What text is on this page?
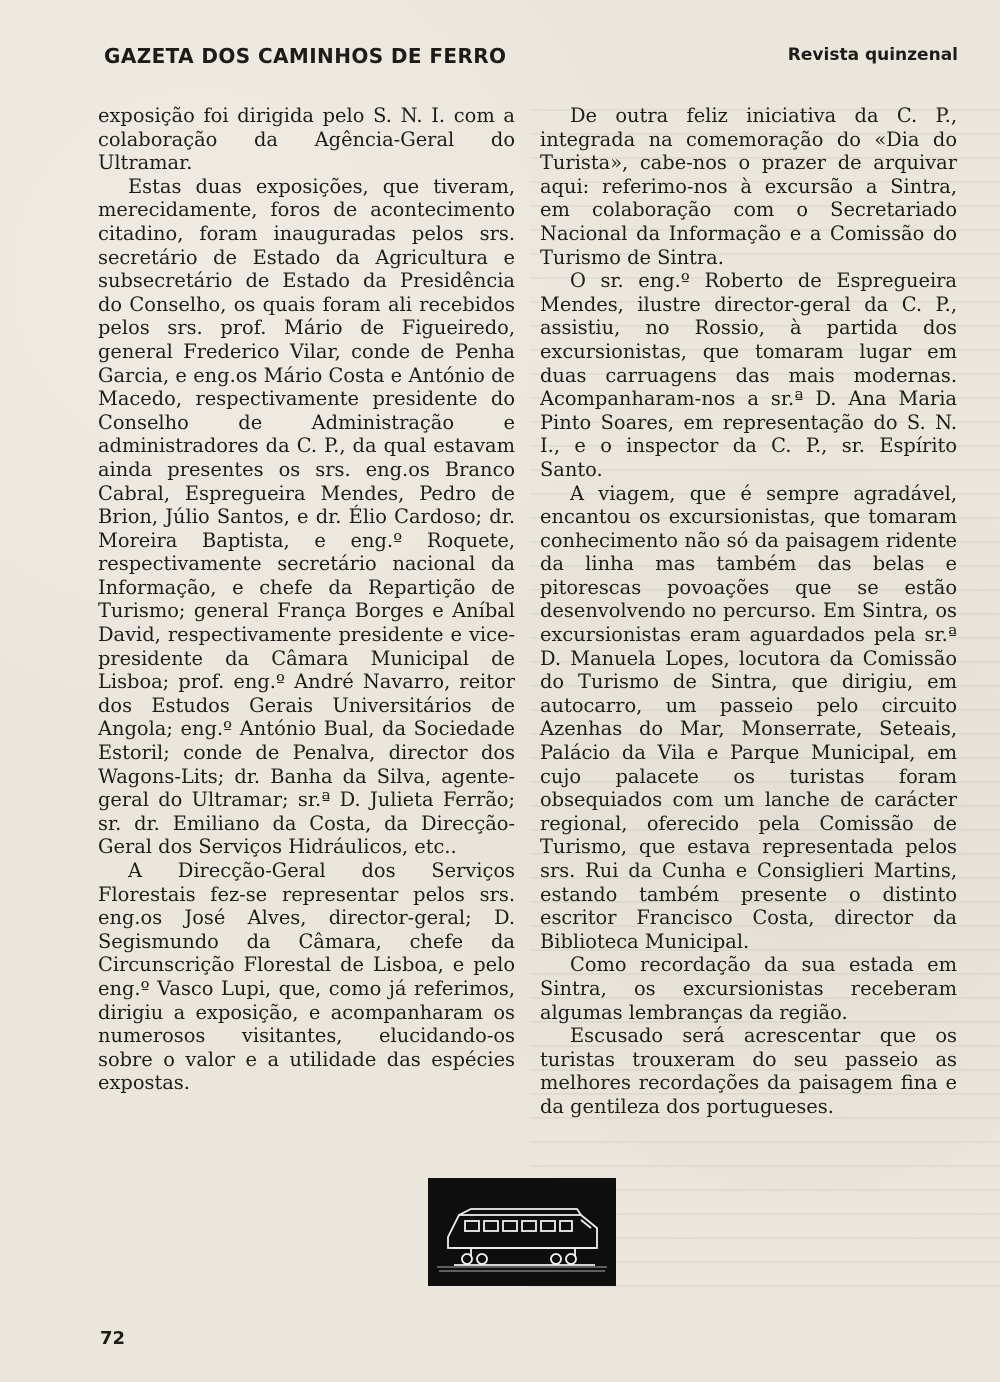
GAZETA DOS CAMINHOS DE FERRO	Revista quinzenal

exposição foi dirigida pelo S. N. I. com a colaboração da Agência-Geral do Ultramar.

Estas duas exposições, que tiveram, merecidamente, foros de acontecimento citadino, foram inauguradas pelos srs. secretário de Estado da Agricultura e subsecretário de Estado da Presidência do Conselho, os quais foram ali recebidos pelos srs. prof. Mário de Figueiredo, general Frederico Vilar, conde de Penha Garcia, e eng.os Mário Costa e António de Macedo, respectivamente presidente do Conselho de Administração e administradores da C. P., da qual estavam ainda presentes os srs. eng.os Branco Cabral, Espregueira Mendes, Pedro de Brion, Júlio Santos, e dr. Élio Cardoso; dr. Moreira Baptista, e eng.º Roquete, respectivamente secretário nacional da Informação, e chefe da Repartição de Turismo; general França Borges e Aníbal David, respectivamente presidente e vice-presidente da Câmara Municipal de Lisboa; prof. eng.º André Navarro, reitor dos Estudos Gerais Universitários de Angola; eng.º António Bual, da Sociedade Estoril; conde de Penalva, director dos Wagons-Lits; dr. Banha da Silva, agente-geral do Ultramar; sr.ª D. Julieta Ferrão; sr. dr. Emiliano da Costa, da Direcção-Geral dos Serviços Hidráulicos, etc..

A Direcção-Geral dos Serviços Florestais fez-se representar pelos srs. eng.os José Alves, director-geral; D. Segismundo da Câmara, chefe da Circunscrição Florestal de Lisboa, e pelo eng.º Vasco Lupi, que, como já referimos, dirigiu a exposição, e acompanharam os numerosos visitantes, elucidando-os sobre o valor e a utilidade das espécies expostas.

De outra feliz iniciativa da C. P., integrada na comemoração do «Dia do Turista», cabe-nos o prazer de arquivar aqui: referimo-nos à excursão a Sintra, em colaboração com o Secretariado Nacional da Informação e a Comissão do Turismo de Sintra.

O sr. eng.º Roberto de Espregueira Mendes, ilustre director-geral da C. P., assistiu, no Rossio, à partida dos excursionistas, que tomaram lugar em duas carruagens das mais modernas. Acompanharam-nos a sr.ª D. Ana Maria Pinto Soares, em representação do S. N. I., e o inspector da C. P., sr. Espírito Santo.

A viagem, que é sempre agradável, encantou os excursionistas, que tomaram conhecimento não só da paisagem ridente da linha mas também das belas e pitorescas povoações que se estão desenvolvendo no percurso. Em Sintra, os excursionistas eram aguardados pela sr.ª D. Manuela Lopes, locutora da Comissão do Turismo de Sintra, que dirigiu, em autocarro, um passeio pelo circuito Azenhas do Mar, Monserrate, Seteais, Palácio da Vila e Parque Municipal, em cujo palacete os turistas foram obsequiados com um lanche de carácter regional, oferecido pela Comissão de Turismo, que estava representada pelos srs. Rui da Cunha e Consiglieri Martins, estando também presente o distinto escritor Francisco Costa, director da Biblioteca Municipal.

Como recordação da sua estada em Sintra, os excursionistas receberam algumas lembranças da região.

Escusado será acrescentar que os turistas trouxeram do seu passeio as melhores recordações da paisagem fina e da gentileza dos portugueses.

72
